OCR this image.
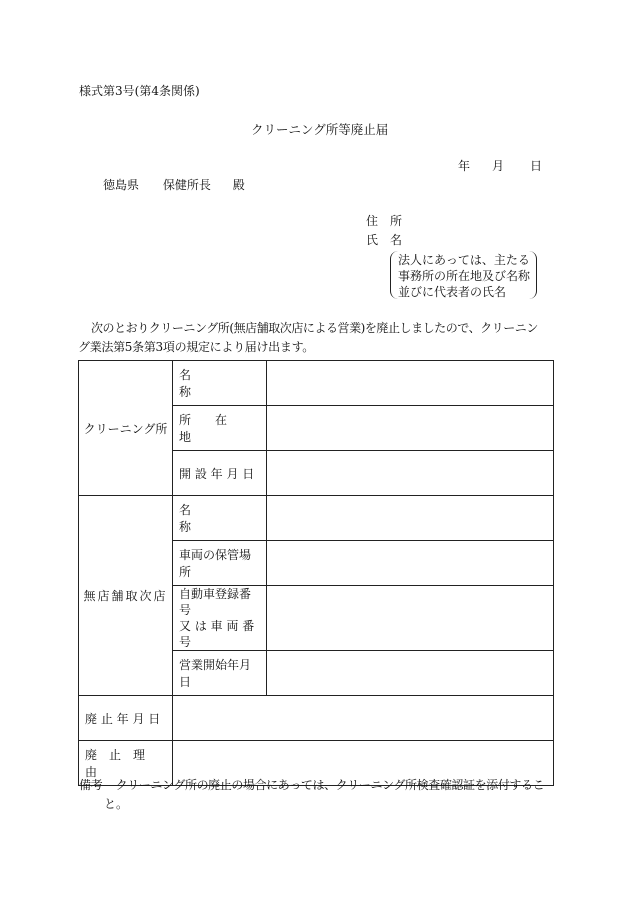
様式第3号(第4条関係)
クリーニング所等廃止届
年 月 日
徳島県 保健所長 殿
住　所
氏　名
法人にあっては、主たる
事務所の所在地及び名称
並びに代表者の氏名
次のとおりクリーニング所(無店舗取次店による営業)を廃止しましたので、クリーニン
グ業法第5条第3項の規定により届け出ます。
クリーニング所	名　　　　　称	
	所　　在　　地	
	開 設 年 月 日	
無店舗取次店	名　　　　　称	
	車両の保管場所	

	自動車登録番号
又 は 車 両 番 号	

	営業開始年月日	
廃 止 年 月 日		
廃　止　理　由		
備考 クリーニング所の廃止の場合にあっては、クリーニング所検査確認証を添付するこ
と。
